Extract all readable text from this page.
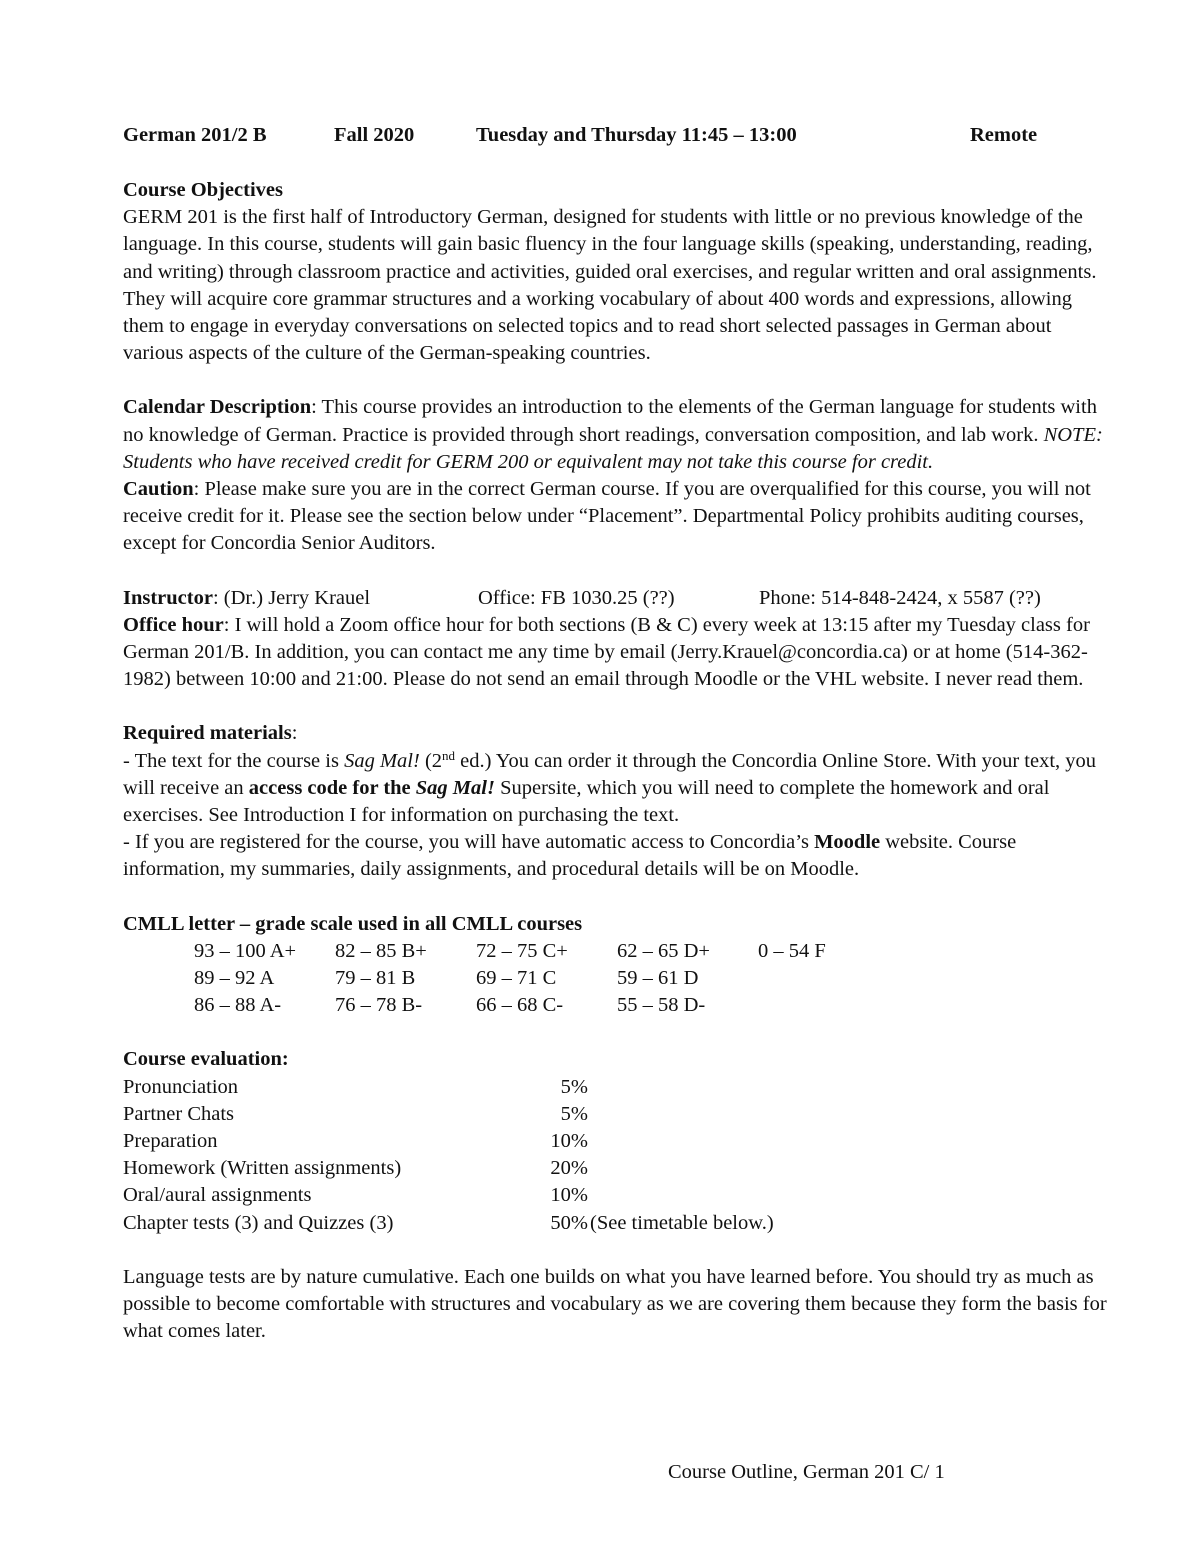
German 201/2 B	Fall 2020	Tuesday and Thursday 11:45 – 13:00	Remote

Course Objectives

GERM 201 is the first half of Introductory German, designed for students with little or no previous knowledge of the language. In this course, students will gain basic fluency in the four language skills (speaking, understanding, reading, and writing) through classroom practice and activities, guided oral exercises, and regular written and oral assignments. They will acquire core grammar structures and a working vocabulary of about 400 words and expressions, allowing them to engage in everyday conversations on selected topics and to read short selected passages in German about various aspects of the culture of the German-speaking countries.

Calendar Description: This course provides an introduction to the elements of the German language for students with no knowledge of German. Practice is provided through short readings, conversation composition, and lab work. NOTE: Students who have received credit for GERM 200 or equivalent may not take this course for credit.

Caution: Please make sure you are in the correct German course. If you are overqualified for this course, you will not receive credit for it. Please see the section below under “Placement”. Departmental Policy prohibits auditing courses, except for Concordia Senior Auditors.

Instructor: (Dr.) Jerry Krauel	Office: FB 1030.25 (??)	Phone: 514-848-2424, x 5587 (??)

Office hour: I will hold a Zoom office hour for both sections (B & C) every week at 13:15 after my Tuesday class for German 201/B. In addition, you can contact me any time by email (Jerry.Krauel@concordia.ca) or at home (514-362-1982) between 10:00 and 21:00. Please do not send an email through Moodle or the VHL website. I never read them.

Required materials:

- The text for the course is Sag Mal! (2nd ed.) You can order it through the Concordia Online Store. With your text, you will receive an access code for the Sag Mal! Supersite, which you will need to complete the homework and oral exercises. See Introduction I for information on purchasing the text.

- If you are registered for the course, you will have automatic access to Concordia’s Moodle website. Course information, my summaries, daily assignments, and procedural details will be on Moodle.

CMLL letter – grade scale used in all CMLL courses

93 – 100 A+	82 – 85 B+	72 – 75 C+	62 – 65 D+	0 – 54 F
89 – 92 A	79 – 81 B	69 – 71 C	59 – 61 D	
86 – 88 A-	76 – 78 B-	66 – 68 C-	55 – 58 D-	

Course evaluation:

Pronunciation	5%	
Partner Chats	5%	
Preparation	10%	
Homework (Written assignments)	20%	
Oral/aural assignments	10%	
Chapter tests (3) and Quizzes (3)	50%	(See timetable below.)

Language tests are by nature cumulative. Each one builds on what you have learned before. You should try as much as possible to become comfortable with structures and vocabulary as we are covering them because they form the basis for what comes later.

Course Outline, German 201 C/ 1
